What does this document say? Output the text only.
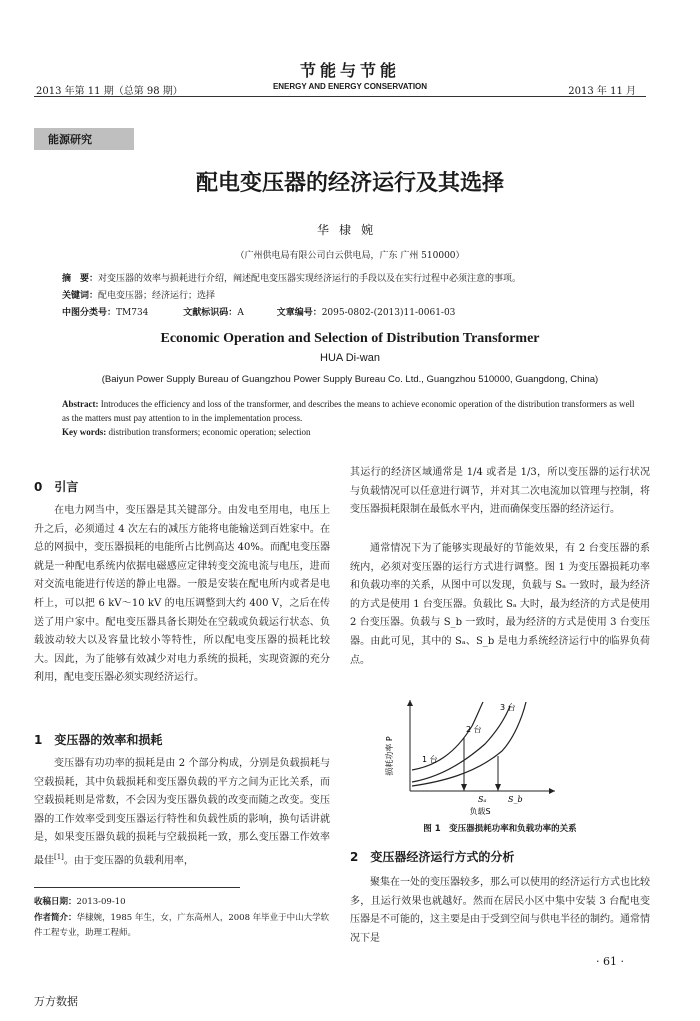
2013 年第 11 期（总第 98 期）
节能与节能
ENERGY AND ENERGY CONSERVATION	2013 年 11 月
能源研究
配电变压器的经济运行及其选择
华棣婉
（广州供电局有限公司白云供电局，广东 广州 510000）
摘　要：对变压器的效率与损耗进行介绍，阐述配电变压器实现经济运行的手段以及在实行过程中必须注意的事项。
关键词：配电变压器；经济运行；选择
中图分类号：TM734	文献标识码：A	文章编号：2095-0802-(2013)11-0061-03
Economic Operation and Selection of Distribution Transformer
HUA Di-wan
(Baiyun Power Supply Bureau of Guangzhou Power Supply Bureau Co. Ltd., Guangzhou 510000, Guangdong, China)
Abstract: Introduces the efficiency and loss of the transformer, and describes the means to achieve economic operation of the distribution transformers as well as the matters must pay attention to in the implementation process.
Key words: distribution transformers; economic operation; selection
0　引言
在电力网当中，变压器是其关键部分。由发电至用电，电压上升之后，必须通过 4 次左右的减压方能将电能输送到百姓家中。在总的网损中，变压器损耗的电能所占比例高达 40%。而配电变压器就是一种配电系统内依据电磁感应定律转变交流电流与电压，进而对交流电能进行传送的静止电器。一般是安装在配电所内或者是电杆上，可以把 6 kV～10 kV 的电压调整到大约 400 V，之后在传送了用户家中。配电变压器具备长期处在空载或负载运行状态、负载波动较大以及容量比较小等特性，所以配电变压器的损耗比较大。因此，为了能够有效减少对电力系统的损耗，实现资源的充分利用，配电变压器必须实现经济运行。
1　变压器的效率和损耗
变压器有功功率的损耗是由 2 个部分构成，分别是负载损耗与空载损耗，其中负载损耗和变压器负载的平方之间为正比关系，而空载损耗则是常数，不会因为变压器负载的改变而随之改变。变压器的工作效率受到变压器运行特性和负载性质的影响，换句话讲就是，如果变压器负载的损耗与空载损耗一致，那么变压器工作效率最佳[1]。由于变压器的负载利用率，
收稿日期：2013-09-10
作者简介：华棣婉，1985 年生，女，广东高州人，2008 年毕业于中山大学软件工程专业，助理工程师。
其运行的经济区域通常是 1/4 或者是 1/3，所以变压器的运行状况与负载情况可以任意进行调节，并对其二次电流加以管理与控制，将变压器损耗限制在最低水平内，进而确保变压器的经济运行。
通常情况下为了能够实现最好的节能效果，有 2 台变压器的系统内，必须对变压器的运行方式进行调整。图 1 为变压器损耗功率和负载功率的关系，从图中可以发现，负载与 Sₐ 一致时，最为经济的方式是使用 1 台变压器。负载比 Sₐ 大时，最为经济的方式是使用 2 台变压器。负载与 S_b 一致时，最为经济的方式是使用 3 台变压器。由此可见，其中的 Sₐ、S_b 是电力系统经济运行中的临界负荷点。
损耗功率 P	1 台
2 台
3 台
Sₐ	S_b
负载S
图 1　变压器损耗功率和负载功率的关系
2　变压器经济运行方式的分析
聚集在一处的变压器较多，那么可以使用的经济运行方式也比较多，且运行效果也就越好。然而在居民小区中集中安装 3 台配电变压器是不可能的，这主要是由于受到空间与供电半径的制约。通常情况下是
· 61 ·
万方数据
